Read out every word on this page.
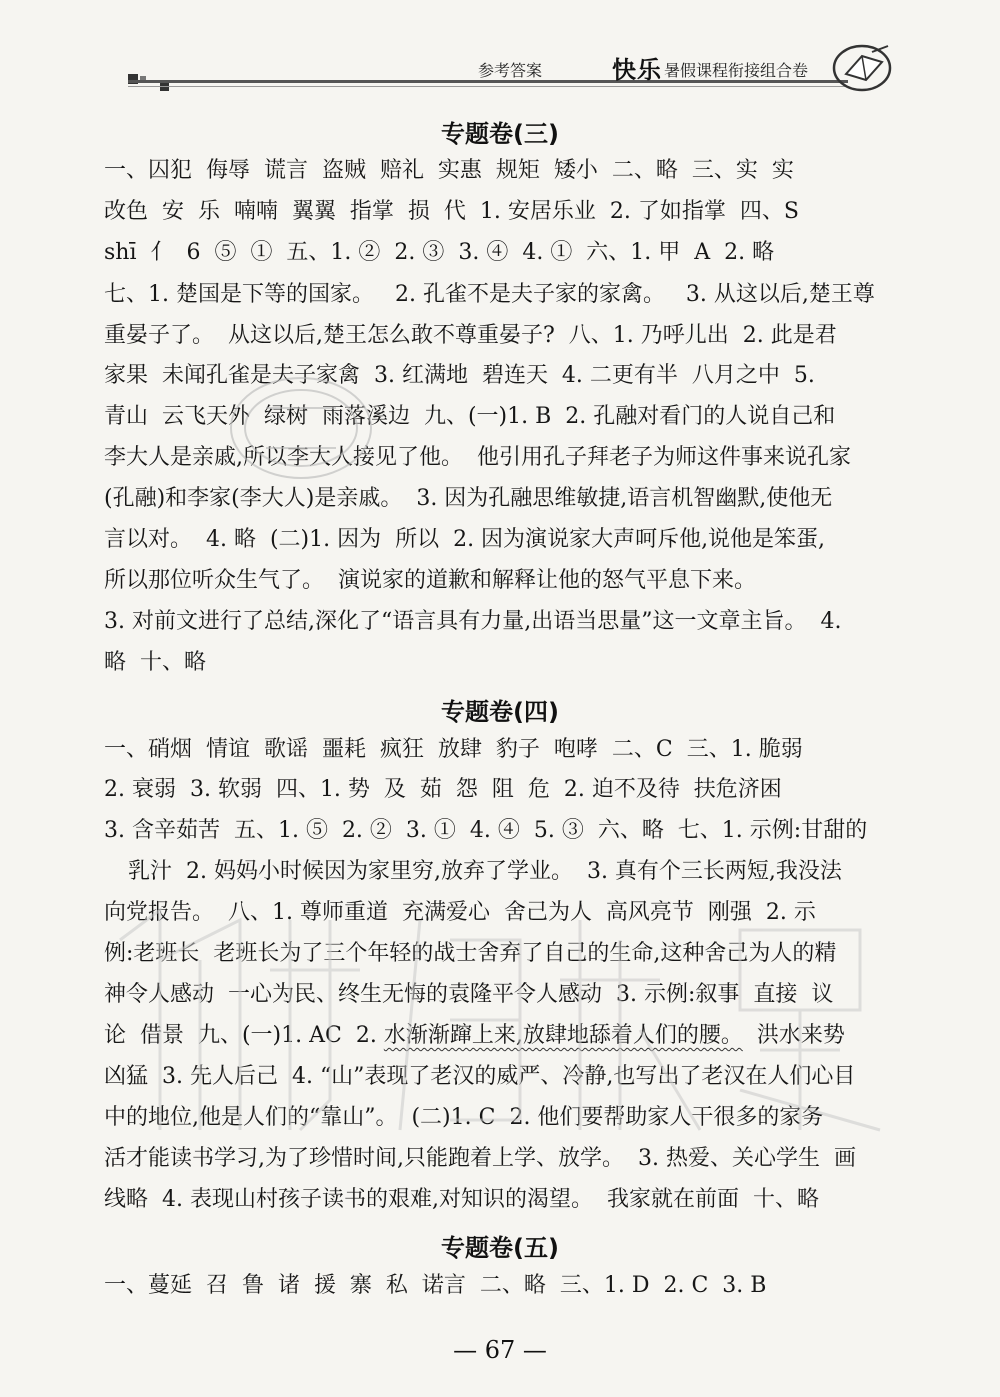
参考答案	快乐 暑假课程衔接组合卷
专题卷(三)
一、囚犯  侮辱  谎言  盗贼  赔礼  实惠  规矩  矮小  二、略  三、实  实
改色  安  乐  喃喃  翼翼  指掌  损  代  1. 安居乐业  2. 了如指掌  四、S
shī  亻  6  ⑤  ①  五、1. ②  2. ③  3. ④  4. ①  六、1. 甲  A  2. 略
七、1. 楚国是下等的国家。   2. 孔雀不是夫子家的家禽。   3. 从这以后,楚王尊
重晏子了。  从这以后,楚王怎么敢不尊重晏子?  八、1. 乃呼儿出  2. 此是君
家果  未闻孔雀是夫子家禽  3. 红满地  碧连天  4. 二更有半  八月之中  5.
青山  云飞天外  绿树  雨落溪边  九、(一)1. B  2. 孔融对看门的人说自己和
李大人是亲戚,所以李大人接见了他。  他引用孔子拜老子为师这件事来说孔家
(孔融)和李家(李大人)是亲戚。  3. 因为孔融思维敏捷,语言机智幽默,使他无
言以对。  4. 略  (二)1. 因为  所以  2. 因为演说家大声呵斥他,说他是笨蛋,
所以那位听众生气了。  演说家的道歉和解释让他的怒气平息下来。
3. 对前文进行了总结,深化了“语言具有力量,出语当思量”这一文章主旨。  4.
略  十、略
专题卷(四)
一、硝烟  情谊  歌谣  噩耗  疯狂  放肆  豹子  咆哮  二、C  三、1. 脆弱
2. 衰弱  3. 软弱  四、1. 势  及  茹  怨  阻  危  2. 迫不及待  扶危济困
3. 含辛茹苦  五、1. ⑤  2. ②  3. ①  4. ④  5. ③  六、略  七、1. 示例:甘甜的
乳汁  2. 妈妈小时候因为家里穷,放弃了学业。  3. 真有个三长两短,我没法
向党报告。  八、1. 尊师重道  充满爱心  舍己为人  高风亮节  刚强  2. 示
例:老班长  老班长为了三个年轻的战士舍弃了自己的生命,这种舍己为人的精
神令人感动  一心为民、终生无悔的袁隆平令人感动  3. 示例:叙事  直接  议
论  借景  九、(一)1. AC  2. 水渐渐蹿上来,放肆地舔着人们的腰。  洪水来势
凶猛  3. 先人后己  4. “山”表现了老汉的威严、冷静,也写出了老汉在人们心目
中的地位,他是人们的“靠山”。  (二)1. C  2. 他们要帮助家人干很多的家务
活才能读书学习,为了珍惜时间,只能跑着上学、放学。  3. 热爱、关心学生  画
线略  4. 表现山村孩子读书的艰难,对知识的渴望。  我家就在前面  十、略
专题卷(五)
一、蔓延  召  鲁  诸  援  寨  私  诺言  二、略  三、1. D  2. C  3. B
— 67 —
